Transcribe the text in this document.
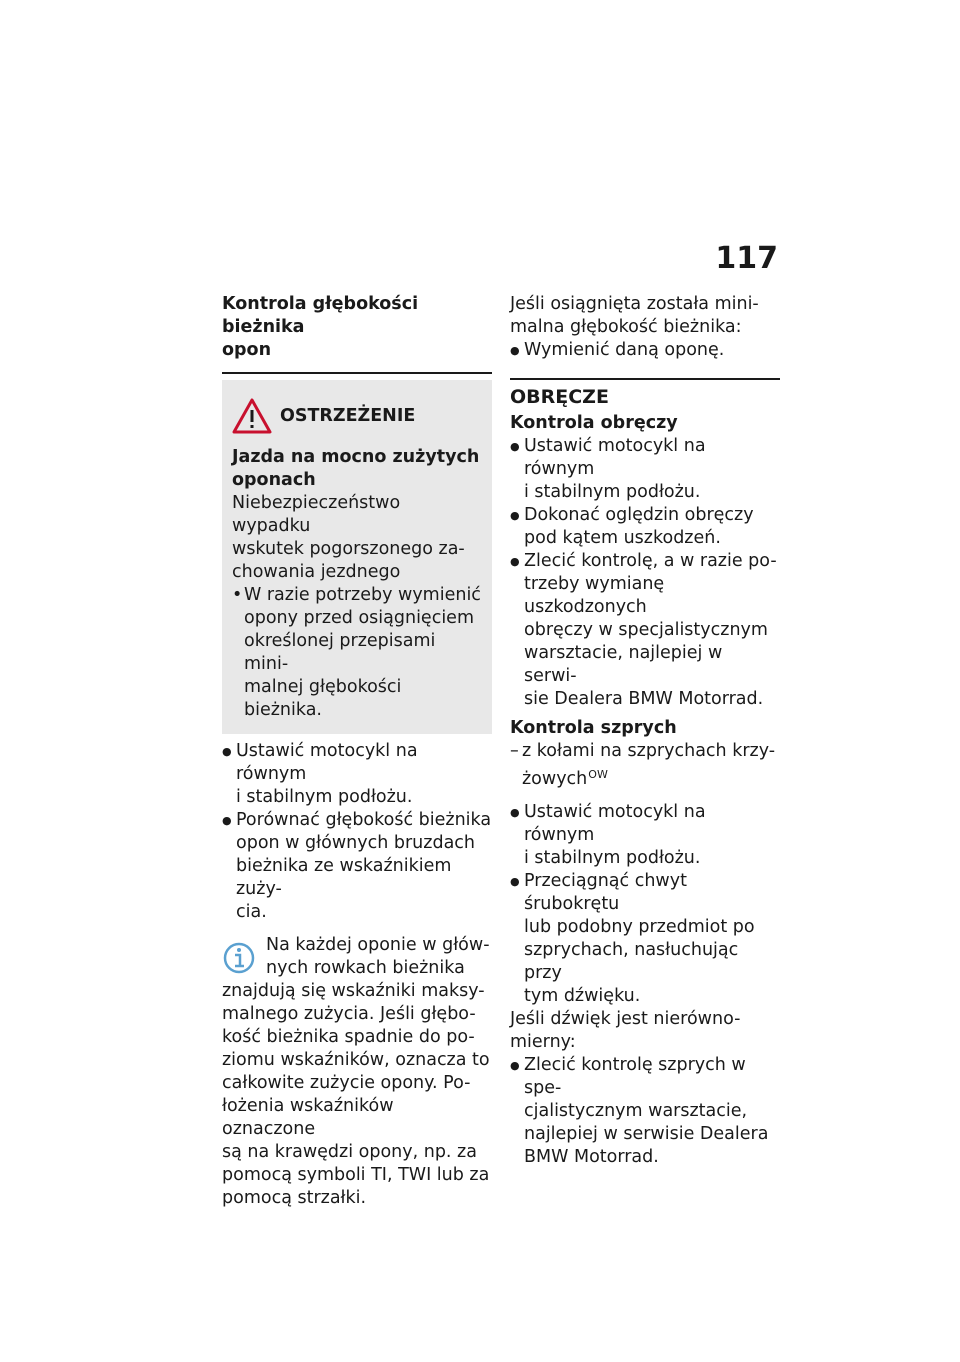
117
Kontrola głębokości bieżnika
opon
OSTRZEŻENIE
Jazda na mocno zużytych
oponach
Niebezpieczeństwo wypadku
wskutek pogorszonego za-
chowania jezdnego
• W razie potrzeby wymienić
opony przed osiągnięciem
określonej przepisami mini-
malnej głębokości bieżnika.
● Ustawić motocykl na równym
i stabilnym podłożu.
● Porównać głębokość bieżnika
opon w głównych bruzdach
bieżnika ze wskaźnikiem zuży-
cia.
Na każdej oponie w głów-
nych rowkach bieżnika
znajdują się wskaźniki maksy-
malnego zużycia. Jeśli głębo-
kość bieżnika spadnie do po-
ziomu wskaźników, oznacza to
całkowite zużycie opony. Po-
łożenia wskaźników oznaczone
są na krawędzi opony, np. za
pomocą symboli TI, TWI lub za
pomocą strzałki.
Jeśli osiągnięta została mini-
malna głębokość bieżnika:
● Wymienić daną oponę.
OBRĘCZE
Kontrola obręczy
● Ustawić motocykl na równym
i stabilnym podłożu.
● Dokonać oględzin obręczy
pod kątem uszkodzeń.
● Zlecić kontrolę, a w razie po-
trzeby wymianę uszkodzonych
obręczy w specjalistycznym
warsztacie, najlepiej w serwi-
sie Dealera BMW Motorrad.
Kontrola szprych
– z kołami na szprychach krzy-
żowych$^{OW}$
● Ustawić motocykl na równym
i stabilnym podłożu.
● Przeciągnąć chwyt śrubokrętu
lub podobny przedmiot po
szprychach, nasłuchując przy
tym dźwięku.
Jeśli dźwięk jest nierówno-
mierny:
● Zlecić kontrolę szprych w spe-
cjalistycznym warsztacie,
najlepiej w serwisie Dealera
BMW Motorrad.
